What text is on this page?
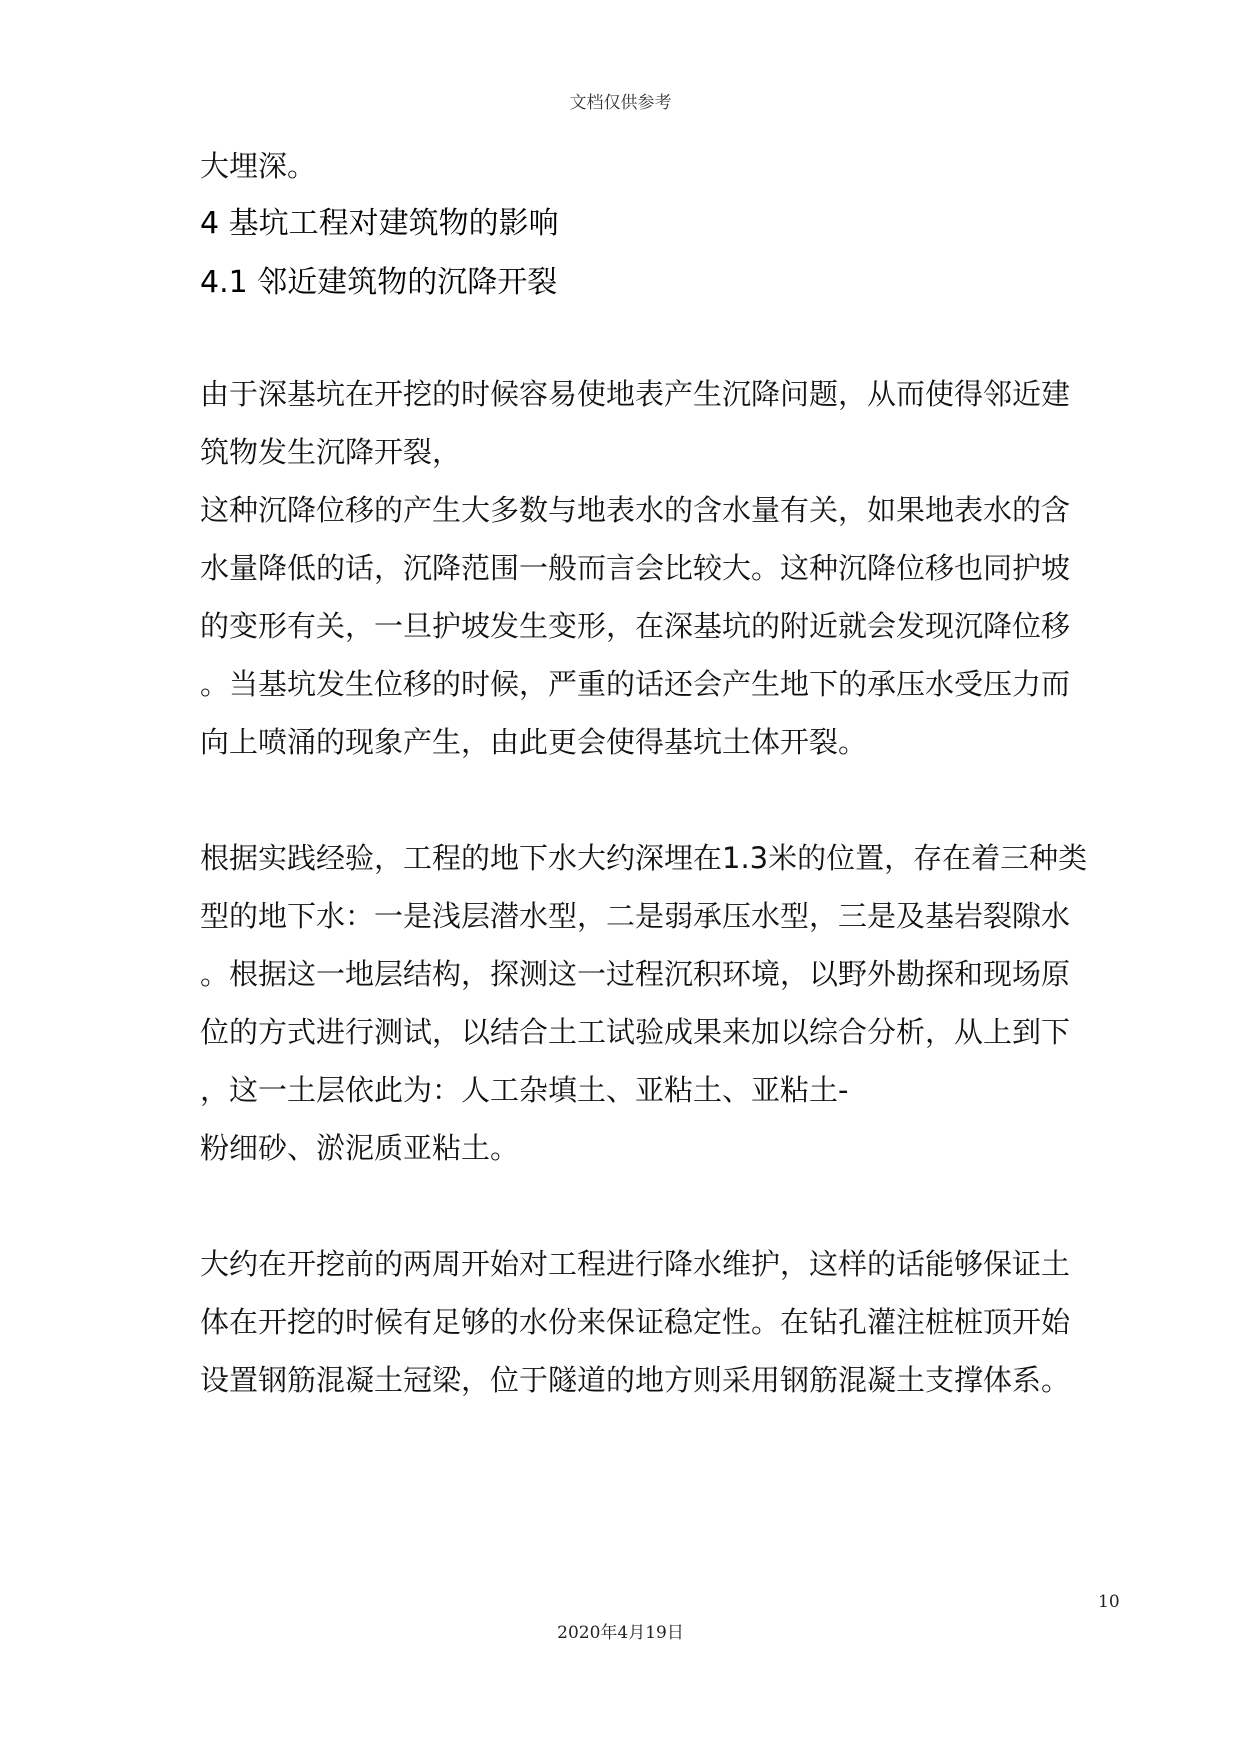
文档仅供参考
大埋深。
4 基坑工程对建筑物的影响
4.1 邻近建筑物的沉降开裂
由于深基坑在开挖的时候容易使地表产生沉降问题，从而使得邻近建
筑物发生沉降开裂，
这种沉降位移的产生大多数与地表水的含水量有关，如果地表水的含
水量降低的话，沉降范围一般而言会比较大。这种沉降位移也同护坡
的变形有关，一旦护坡发生变形，在深基坑的附近就会发现沉降位移
。当基坑发生位移的时候，严重的话还会产生地下的承压水受压力而
向上喷涌的现象产生，由此更会使得基坑土体开裂。
根据实践经验，工程的地下水大约深埋在1.3米的位置，存在着三种类
型的地下水：一是浅层潜水型，二是弱承压水型，三是及基岩裂隙水
。根据这一地层结构，探测这一过程沉积环境，以野外勘探和现场原
位的方式进行测试，以结合土工试验成果来加以综合分析，从上到下
，这一土层依此为：人工杂填土、亚粘土、亚粘土-
粉细砂、淤泥质亚粘土。
大约在开挖前的两周开始对工程进行降水维护，这样的话能够保证土
体在开挖的时候有足够的水份来保证稳定性。在钻孔灌注桩桩顶开始
设置钢筋混凝土冠梁，位于隧道的地方则采用钢筋混凝土支撑体系。
10
2020年4月19日
